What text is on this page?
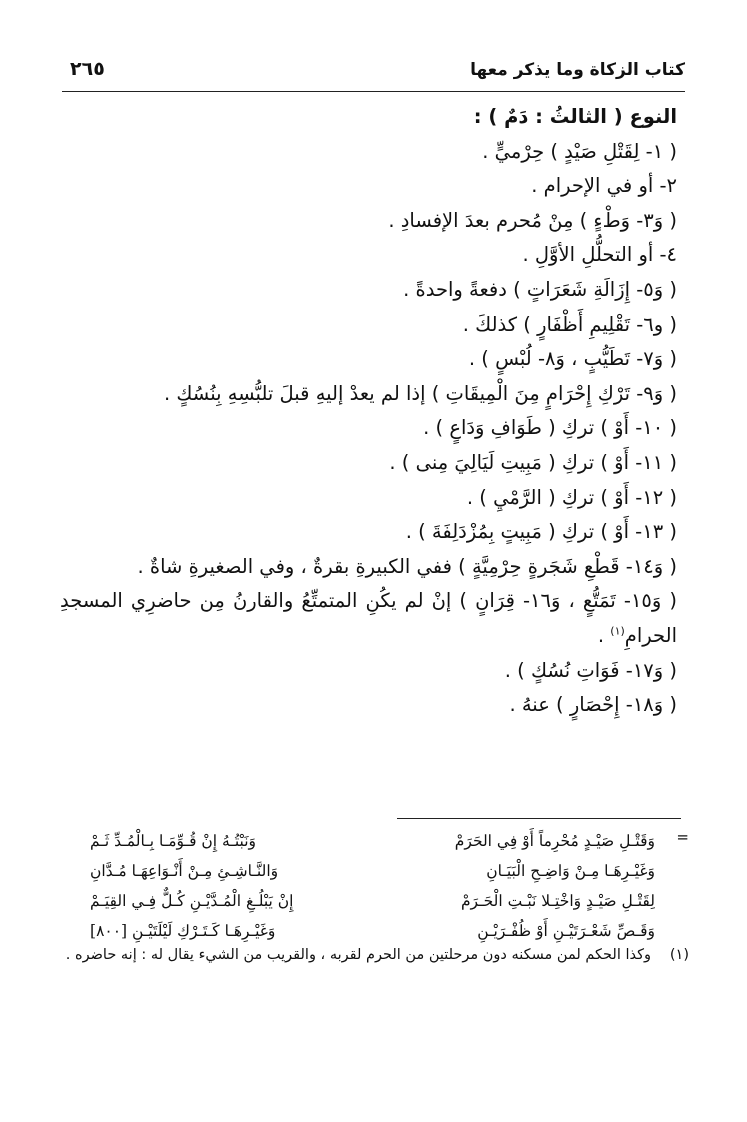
كتاب الزكاة وما يذكر معها
٢٦٥
النوع ( الثالثُ : دَمٌ ) :
( ١- لِقَتْلِ صَيْدٍ ) حِرْميٍّ .
٢- أو في الإحرام .
( وَ٣- وَطْءٍ ) مِنْ مُحرم بعدَ الإفسادِ .
٤- أو التحلُّلِ الأوَّلِ .
( وَ٥- إِزَالَةِ شَعَرَاتٍ ) دفعةً واحدةً .
( و٦- تَقْلِيمِ أَظْفَارٍ ) كذلكَ .
( وَ٧- تَطَيُّبٍ ، وَ٨- لُبْسٍ ) .
( وَ٩- تَرْكِ إِحْرَامٍ مِنَ الْمِيقَاتِ ) إذا لم يعدْ إليهِ قبلَ تلبُّسِهِ بِنُسُكٍ .
( ١٠- أَوْ ) تركِ ( طَوَافِ وَدَاعٍ ) .
( ١١- أَوْ ) تركِ ( مَبِيتِ لَيَالِيَ مِنى ) .
( ١٢- أَوْ ) تركِ ( الرَّمْيِ ) .
( ١٣- أَوْ ) تركِ ( مَبِيتٍ بِمُزْدَلِفَةَ ) .
( وَ١٤- قَطْعِ شَجَرةٍ حِرْمِيَّةٍ ) ففي الكبيرةِ بقرةٌ ، وفي الصغيرةِ شاةٌ .
( وَ١٥- تَمَتُّعٍ ، وَ١٦- قِرَانٍ ) إنْ لم يكُنِ المتمتِّعُ والقارنُ مِن حاضرِي المسجدِ
الحرامِ$^{(١)}$ .
( وَ١٧- فَوَاتِ نُسُكٍ ) .
( وَ١٨- إِحْصَارٍ ) عنهُ .
=
وَقَتْـلِ صَيْـدٍ مُحْرِماً أَوْ فِي الحَرَمْ
وَنَبْتُـهُ إِنْ قُـوِّمَـا بِـالْمُـدِّ ثَـمْ
وَغَيْـرِهَـا مِـنْ وَاضِـحِ الْبَيَـانِ
وَالنَّـاشِـئِ مِـنْ أَنْـوَاعِهَـا مُـدَّانِ
لِقَتْـلِ صَيْـدٍ وَاخْتِـلا نَبْـتِ الْحَـرَمْ
إِنْ يَبْلُـغِ الْمُـدَّيْـنِ كُـلٌّ فِـي القِيَـمْ
وَقَـصِّ شَعْـرَتَيْـنِ أَوْ ظُفْـرَيْـنِ
وَغَيْـرِهَـا كَـتَـرْكِ لَيْلَتَيْـنِ [٨٠٠]
(١)
وكذا الحكم لمن مسكنه دون مرحلتين من الحرم لقربه ، والقريب من الشيء يقال له : إنه حاضره .
